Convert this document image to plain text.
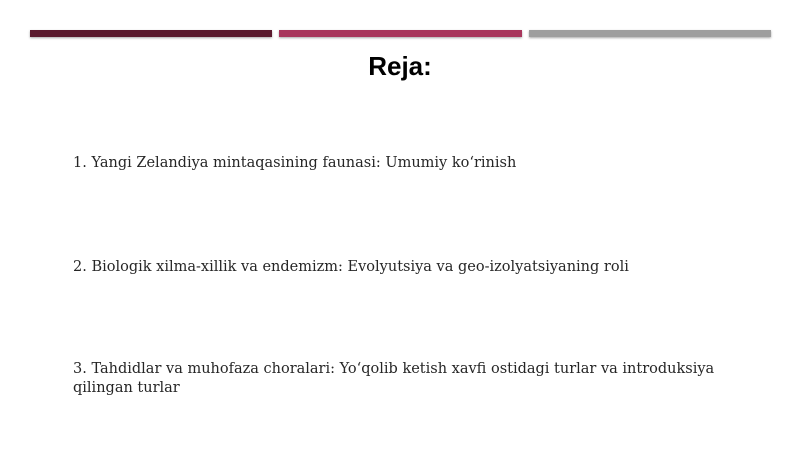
Reja:
1. Yangi Zelandiya mintaqasining faunasi: Umumiy ko‘rinish
2. Biologik xilma-xillik va endemizm: Evolyutsiya va geo-izolyatsiyaning roli
3. Tahdidlar va muhofaza choralari: Yo‘qolib ketish xavfi ostidagi turlar va introduksiya qilingan turlar
